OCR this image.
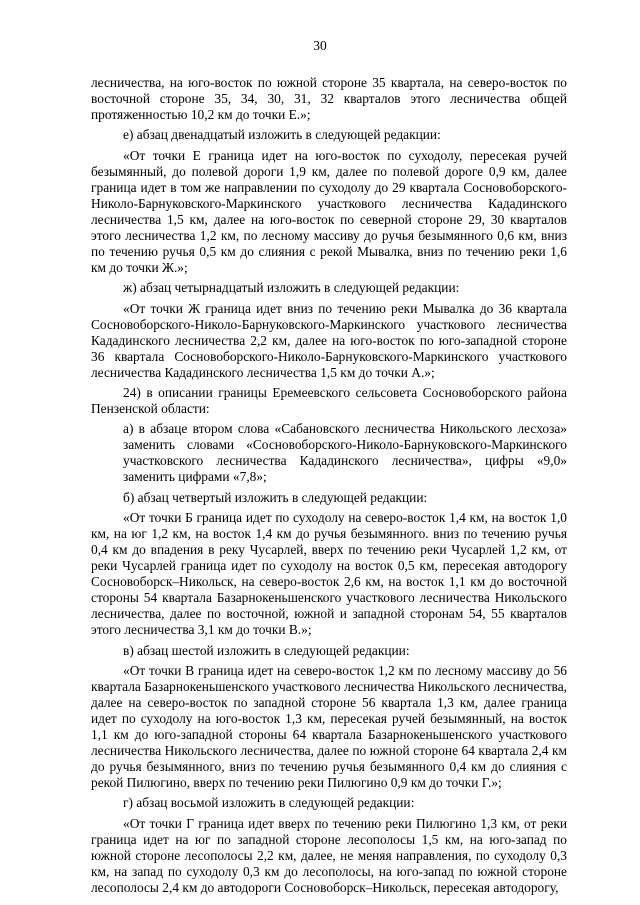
30

лесничества, на юго-восток по южной стороне 35 квартала, на северо-восток по восточной стороне 35, 34, 30, 31, 32 кварталов этого лесничества общей протяженностью 10,2 км до точки Е.»;

е) абзац двенадцатый изложить в следующей редакции:

«От точки Е граница идет на юго-восток по суходолу, пересекая ручей безымянный, до полевой дороги 1,9 км, далее по полевой дороге 0,9 км, далее граница идет в том же направлении по суходолу до 29 квартала Сосновоборского-Николо-Барнуковского-Маркинского участкового лесничества Кададинского лесничества 1,5 км, далее на юго-восток по северной стороне 29, 30 кварталов этого лесничества 1,2 км, по лесному массиву до ручья безымянного 0,6 км, вниз по течению ручья 0,5 км до слияния с рекой Мывалка, вниз по течению реки 1,6 км до точки Ж.»;

ж) абзац четырнадцатый изложить в следующей редакции:

«От точки Ж граница идет вниз по течению реки Мывалка до 36 квартала Сосновоборского-Николо-Барнуковского-Маркинского участкового лесничества Кададинского лесничества 2,2 км, далее на юго-восток по юго-западной стороне 36 квартала Сосновоборского-Николо-Барнуковского-Маркинского участкового лесничества Кададинского лесничества 1,5 км до точки А.»;

24) в описании границы Еремеевского сельсовета Сосновоборского района Пензенской области:

а) в абзаце втором слова «Сабановского лесничества Никольского лесхоза» заменить словами «Сосновоборского-Николо-Барнуковского-Маркинского участковского лесничества Кададинского лесничества», цифры «9,0» заменить цифрами «7,8»;

б) абзац четвертый изложить в следующей редакции:

«От точки Б граница идет по суходолу на северо-восток 1,4 км, на восток 1,0 км, на юг 1,2 км, на восток 1,4 км до ручья безымянного. вниз по течению ручья 0,4 км до впадения в реку Чусарлей, вверх по течению реки Чусарлей 1,2 км, от реки Чусарлей граница идет по суходолу на восток 0,5 км, пересекая автодорогу Сосновоборск–Никольск, на северо-восток 2,6 км, на восток 1,1 км до восточной стороны 54 квартала Базарнокеньшенского участкового лесничества Никольского лесничества, далее по восточной, южной и западной сторонам 54, 55 кварталов этого лесничества 3,1 км до точки В.»;

в) абзац шестой изложить в следующей редакции:

«От точки В граница идет на северо-восток 1,2 км по лесному массиву до 56 квартала Базарнокеньшенского участкового лесничества Никольского лесничества, далее на северо-восток по западной стороне 56 квартала 1,3 км, далее граница идет по суходолу на юго-восток 1,3 км, пересекая ручей безымянный, на восток 1,1 км до юго-западной стороны 64 квартала Базарнокеньшенского участкового лесничества Никольского лесничества, далее по южной стороне 64 квартала 2,4 км до ручья безымянного, вниз по течению ручья безымянного 0,4 км до слияния с рекой Пилюгино, вверх по течению реки Пилюгино 0,9 км до точки Г.»;

г) абзац восьмой изложить в следующей редакции:

«От точки Г граница идет вверх по течению реки Пилюгино 1,3 км, от реки граница идет на юг по западной стороне лесополосы 1,5 км, на юго-запад по южной стороне лесополосы 2,2 км, далее, не меняя направления, по суходолу 0,3 км, на запад по суходолу 0,3 км до лесополосы, на юго-запад по южной стороне лесополосы 2,4 км до автодороги Сосновоборск–Никольск, пересекая автодорогу,
